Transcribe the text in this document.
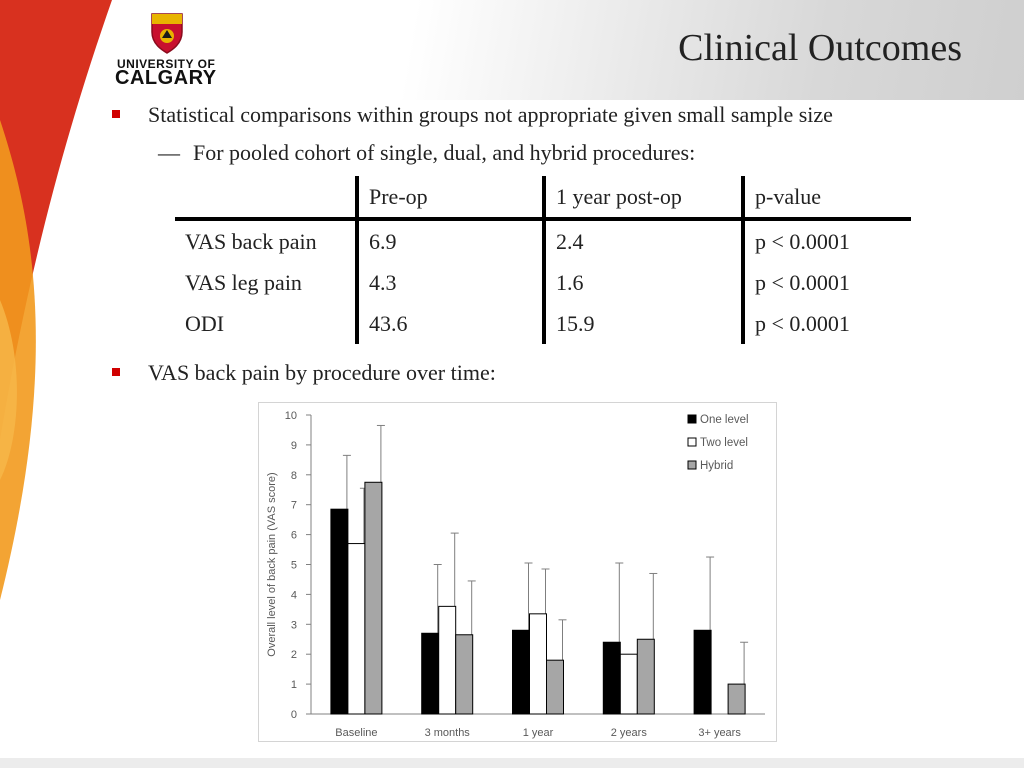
UNIVERSITY OF
CALGARY
Clinical Outcomes
Statistical comparisons within groups not appropriate given small sample size
— For pooled cohort of single, dual, and hybrid procedures:
	Pre-op	1 year post-op	p-value
VAS back pain	6.9	2.4	p < 0.0001
VAS leg pain	4.3	1.6	p < 0.0001
ODI	43.6	15.9	p < 0.0001
VAS back pain by procedure over time:
0
1
2
3
4
5
6
7
8
9
10
Overall level of back pain (VAS score)
Baseline	3 months	1 year	2 years	3+ years
One level
Two level
Hybrid
